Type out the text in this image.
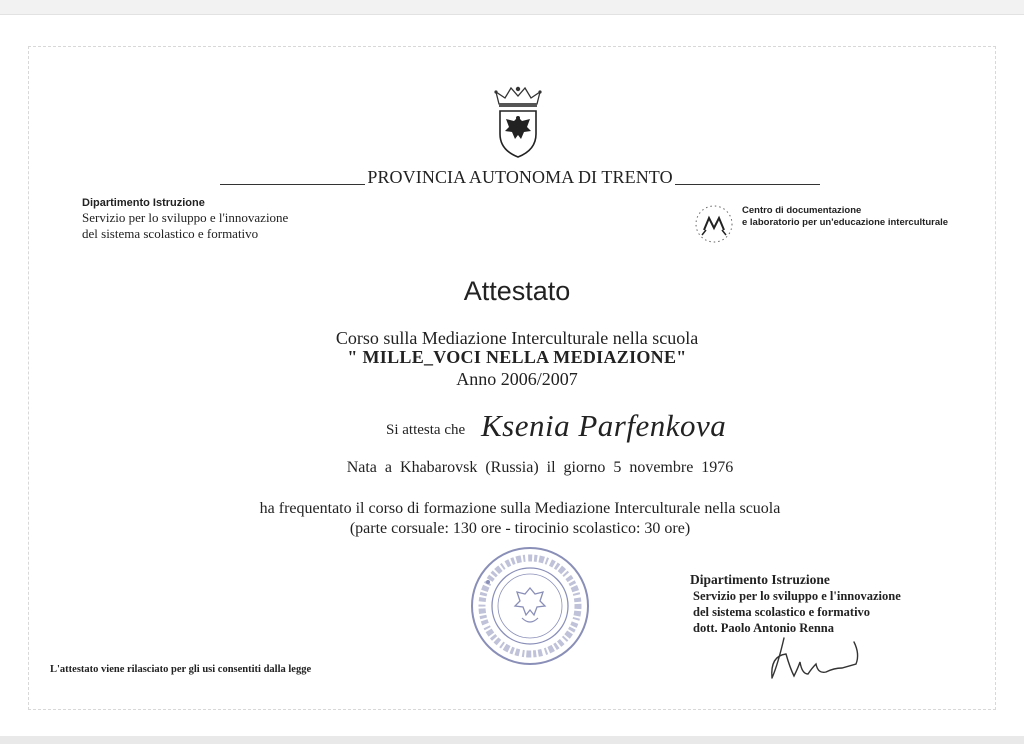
PROVINCIA AUTONOMA DI TRENTO
Dipartimento Istruzione
Servizio per lo sviluppo e l'innovazione
del sistema scolastico e formativo
Centro di documentazione
e laboratorio per un'educazione interculturale
Attestato
Corso sulla Mediazione Interculturale nella scuola
" MILLE_VOCI NELLA MEDIAZIONE"
Anno 2006/2007
Si attesta che Ksenia Parfenkova
Nata a Khabarovsk (Russia) il giorno 5 novembre 1976
ha frequentato il corso di formazione sulla Mediazione Interculturale nella scuola
(parte corsuale: 130 ore - tirocinio scolastico: 30 ore)
Dipartimento Istruzione
Servizio per lo sviluppo e l'innovazione
del sistema scolastico e formativo
dott. Paolo Antonio Renna
L'attestato viene rilasciato per gli usi consentiti dalla legge
